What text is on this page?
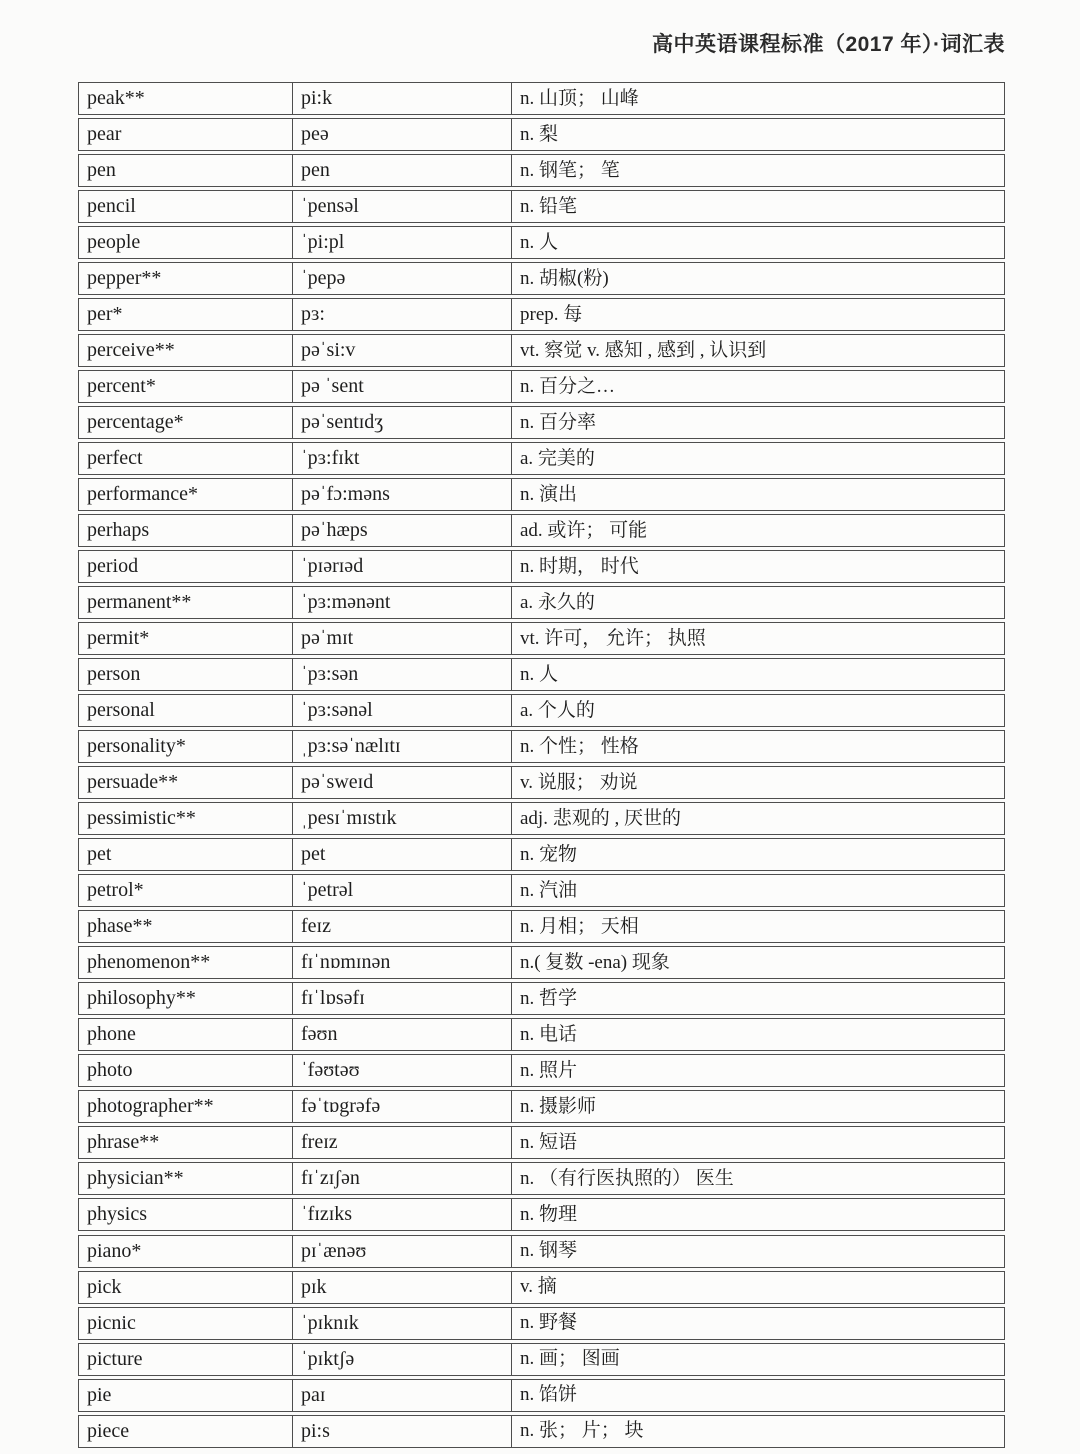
高中英语课程标准（2017 年）·词汇表
peak**	pi:k	n. 山顶； 山峰
pear	peə	n. 梨
pen	pen	n. 钢笔； 笔
pencil	ˈpensəl	n. 铅笔
people	ˈpi:pl	n. 人
pepper**	ˈpepə	n. 胡椒(粉)
per*	pɜ:	prep. 每
perceive**	pəˈsi:v	vt. 察觉 v. 感知 , 感到 , 认识到
percent*	pə ˈsent	n. 百分之…
percentage*	pəˈsentɪdʒ	n. 百分率
perfect	ˈpɜ:fɪkt	a. 完美的
performance*	pəˈfɔ:məns	n. 演出
perhaps	pəˈhæps	ad. 或许； 可能
period	ˈpɪərɪəd	n. 时期， 时代
permanent**	ˈpɜ:mənənt	a. 永久的
permit*	pəˈmɪt	vt. 许可， 允许； 执照
person	ˈpɜ:sən	n. 人
personal	ˈpɜ:sənəl	a. 个人的
personality*	ˌpɜ:səˈnælɪtɪ	n. 个性； 性格
persuade**	pəˈsweɪd	v. 说服； 劝说
pessimistic**	ˌpesɪˈmɪstɪk	adj. 悲观的 , 厌世的
pet	pet	n. 宠物
petrol*	ˈpetrəl	n. 汽油
phase**	feɪz	n. 月相； 天相
phenomenon**	fɪˈnɒmɪnən	n.( 复数 -ena) 现象
philosophy**	fɪˈlɒsəfɪ	n. 哲学
phone	fəʊn	n. 电话
photo	ˈfəʊtəʊ	n. 照片
photographer**	fəˈtɒgrəfə	n. 摄影师
phrase**	freɪz	n. 短语
physician**	fɪˈzɪʃən	n. （有行医执照的） 医生
physics	ˈfɪzɪks	n. 物理
piano*	pɪˈænəʊ	n. 钢琴
pick	pɪk	v. 摘
picnic	ˈpɪknɪk	n. 野餐
picture	ˈpɪktʃə	n. 画； 图画
pie	paɪ	n. 馅饼
piece	pi:s	n. 张； 片； 块
